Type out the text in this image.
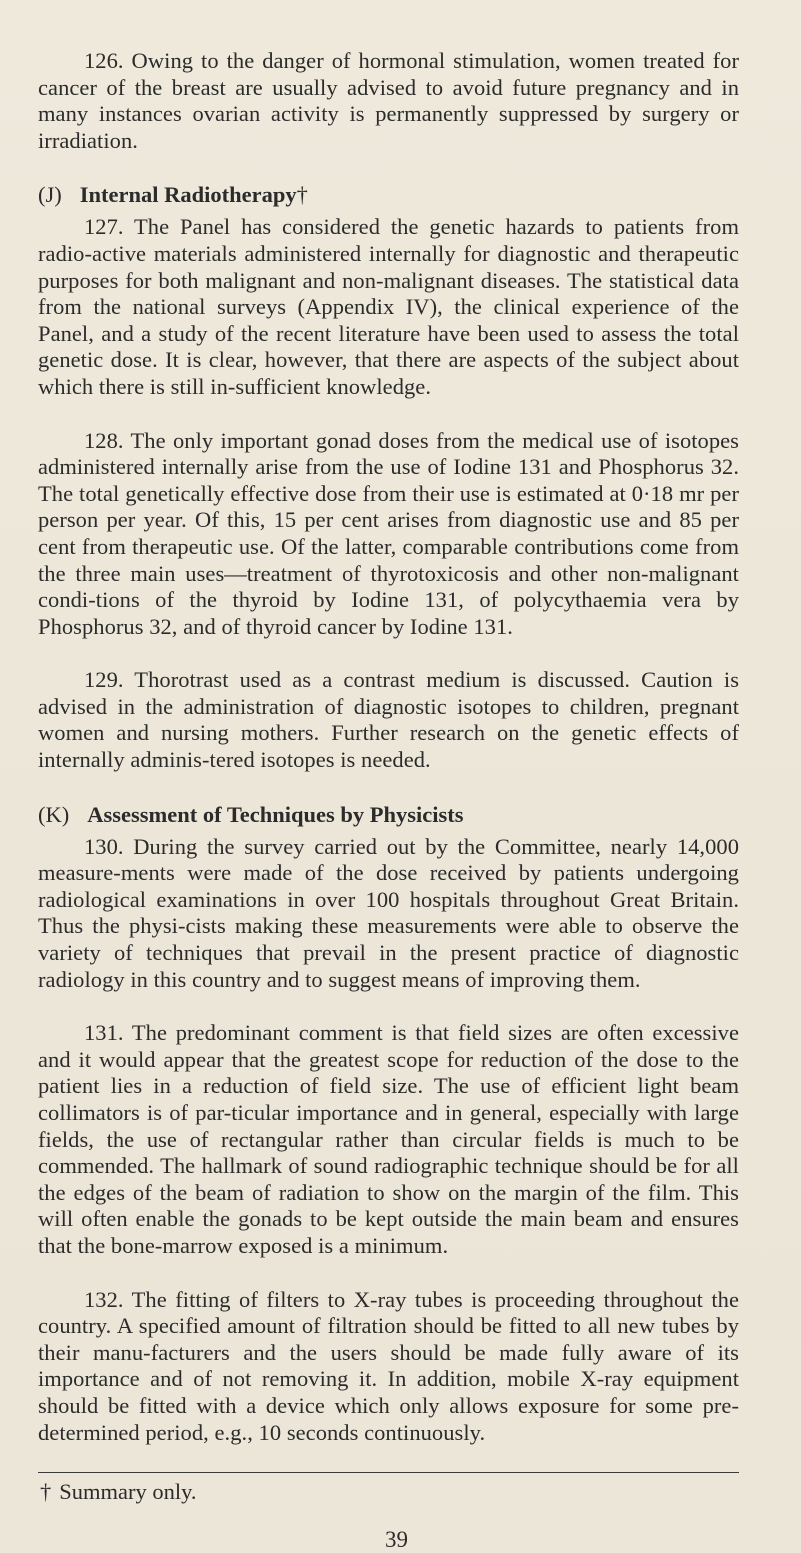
126. Owing to the danger of hormonal stimulation, women treated for cancer of the breast are usually advised to avoid future pregnancy and in many instances ovarian activity is permanently suppressed by surgery or irradiation.

(J) Internal Radiotherapy†

127. The Panel has considered the genetic hazards to patients from radio-active materials administered internally for diagnostic and therapeutic purposes for both malignant and non-malignant diseases. The statistical data from the national surveys (Appendix IV), the clinical experience of the Panel, and a study of the recent literature have been used to assess the total genetic dose. It is clear, however, that there are aspects of the subject about which there is still in-sufficient knowledge.

128. The only important gonad doses from the medical use of isotopes administered internally arise from the use of Iodine 131 and Phosphorus 32. The total genetically effective dose from their use is estimated at 0·18 mr per person per year. Of this, 15 per cent arises from diagnostic use and 85 per cent from therapeutic use. Of the latter, comparable contributions come from the three main uses—treatment of thyrotoxicosis and other non-malignant condi-tions of the thyroid by Iodine 131, of polycythaemia vera by Phosphorus 32, and of thyroid cancer by Iodine 131.

129. Thorotrast used as a contrast medium is discussed. Caution is advised in the administration of diagnostic isotopes to children, pregnant women and nursing mothers. Further research on the genetic effects of internally adminis-tered isotopes is needed.

(K) Assessment of Techniques by Physicists

130. During the survey carried out by the Committee, nearly 14,000 measure-ments were made of the dose received by patients undergoing radiological examinations in over 100 hospitals throughout Great Britain. Thus the physi-cists making these measurements were able to observe the variety of techniques that prevail in the present practice of diagnostic radiology in this country and to suggest means of improving them.

131. The predominant comment is that field sizes are often excessive and it would appear that the greatest scope for reduction of the dose to the patient lies in a reduction of field size. The use of efficient light beam collimators is of par-ticular importance and in general, especially with large fields, the use of rectangular rather than circular fields is much to be commended. The hallmark of sound radiographic technique should be for all the edges of the beam of radiation to show on the margin of the film. This will often enable the gonads to be kept outside the main beam and ensures that the bone-marrow exposed is a minimum.

132. The fitting of filters to X-ray tubes is proceeding throughout the country. A specified amount of filtration should be fitted to all new tubes by their manu-facturers and the users should be made fully aware of its importance and of not removing it. In addition, mobile X-ray equipment should be fitted with a device which only allows exposure for some pre-determined period, e.g., 10 seconds continuously.

† Summary only.
39
